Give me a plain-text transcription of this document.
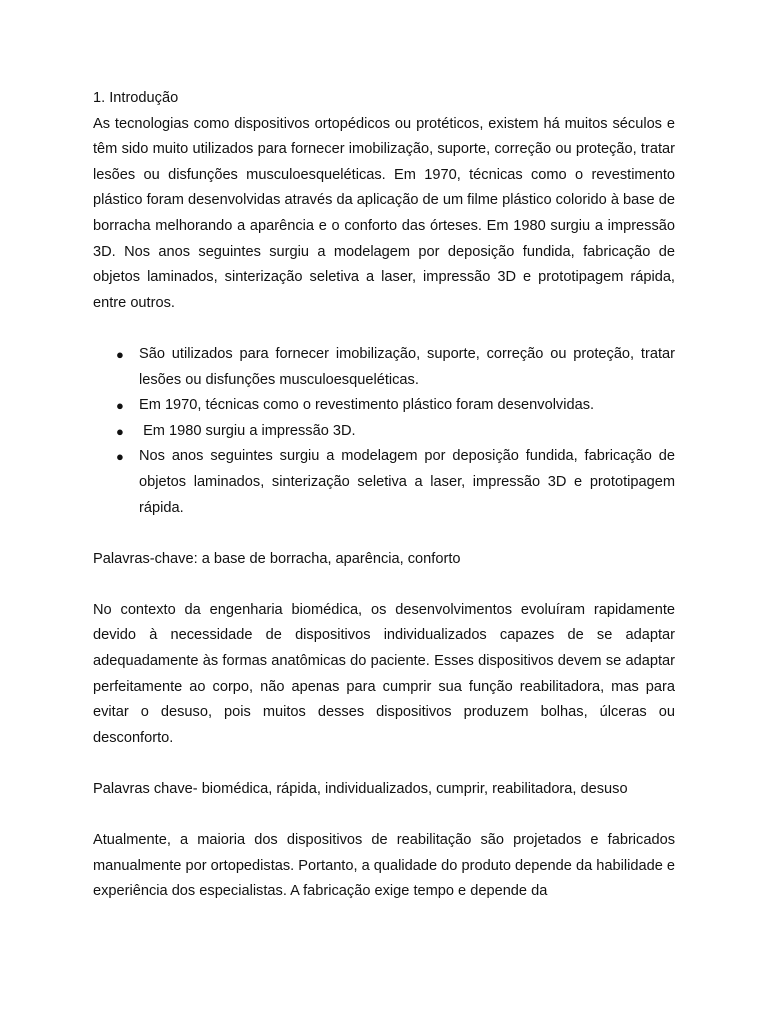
1. Introdução

As tecnologias como dispositivos ortopédicos ou protéticos, existem há muitos séculos e têm sido muito utilizados para fornecer imobilização, suporte, correção ou proteção, tratar lesões ou disfunções musculoesqueléticas. Em 1970, técnicas como o revestimento plástico foram desenvolvidas através da aplicação de um filme plástico colorido à base de borracha melhorando a aparência e o conforto das órteses. Em 1980 surgiu a impressão 3D. Nos anos seguintes surgiu a modelagem por deposição fundida, fabricação de objetos laminados, sinterização seletiva a laser, impressão 3D e prototipagem rápida, entre outros.

● São utilizados para fornecer imobilização, suporte, correção ou proteção, tratar lesões ou disfunções musculoesqueléticas.
● Em 1970, técnicas como o revestimento plástico foram desenvolvidas.
● Em 1980 surgiu a impressão 3D.
● Nos anos seguintes surgiu a modelagem por deposição fundida, fabricação de objetos laminados, sinterização seletiva a laser, impressão 3D e prototipagem rápida.

Palavras-chave: a base de borracha, aparência, conforto

No contexto da engenharia biomédica, os desenvolvimentos evoluíram rapidamente devido à necessidade de dispositivos individualizados capazes de se adaptar adequadamente às formas anatômicas do paciente. Esses dispositivos devem se adaptar perfeitamente ao corpo, não apenas para cumprir sua função reabilitadora, mas para evitar o desuso, pois muitos desses dispositivos produzem bolhas, úlceras ou desconforto.

Palavras chave- biomédica, rápida, individualizados, cumprir, reabilitadora, desuso

Atualmente, a maioria dos dispositivos de reabilitação são projetados e fabricados manualmente por ortopedistas. Portanto, a qualidade do produto depende da habilidade e experiência dos especialistas. A fabricação exige tempo e depende da
